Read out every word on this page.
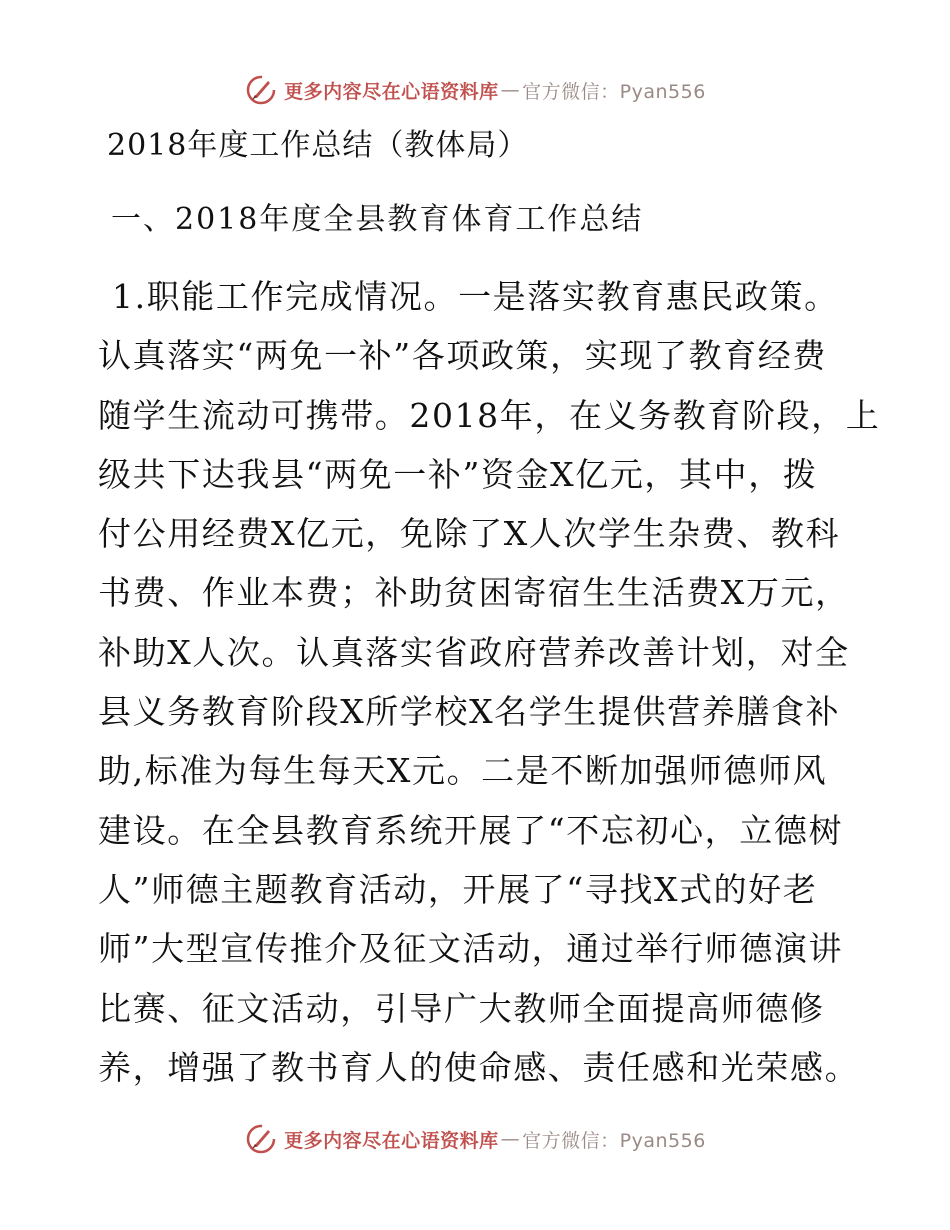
更多内容尽在心语资料库 — 官方微信：Pyan556
2018年度工作总结（教体局）
一、2018年度全县教育体育工作总结
1.职能工作完成情况。一是落实教育惠民政策。
认真落实“两免一补”各项政策，实现了教育经费
随学生流动可携带。2018年，在义务教育阶段，上
级共下达我县“两免一补”资金X亿元，其中，拨
付公用经费X亿元，免除了X人次学生杂费、教科
书费、作业本费；补助贫困寄宿生生活费X万元，
补助X人次。认真落实省政府营养改善计划，对全
县义务教育阶段X所学校X名学生提供营养膳食补
助,标准为每生每天X元。二是不断加强师德师风
建设。在全县教育系统开展了“不忘初心，立德树
人”师德主题教育活动，开展了“寻找X式的好老
师”大型宣传推介及征文活动，通过举行师德演讲
比赛、征文活动，引导广大教师全面提高师德修
养，增强了教书育人的使命感、责任感和光荣感。
更多内容尽在心语资料库 — 官方微信：Pyan556
